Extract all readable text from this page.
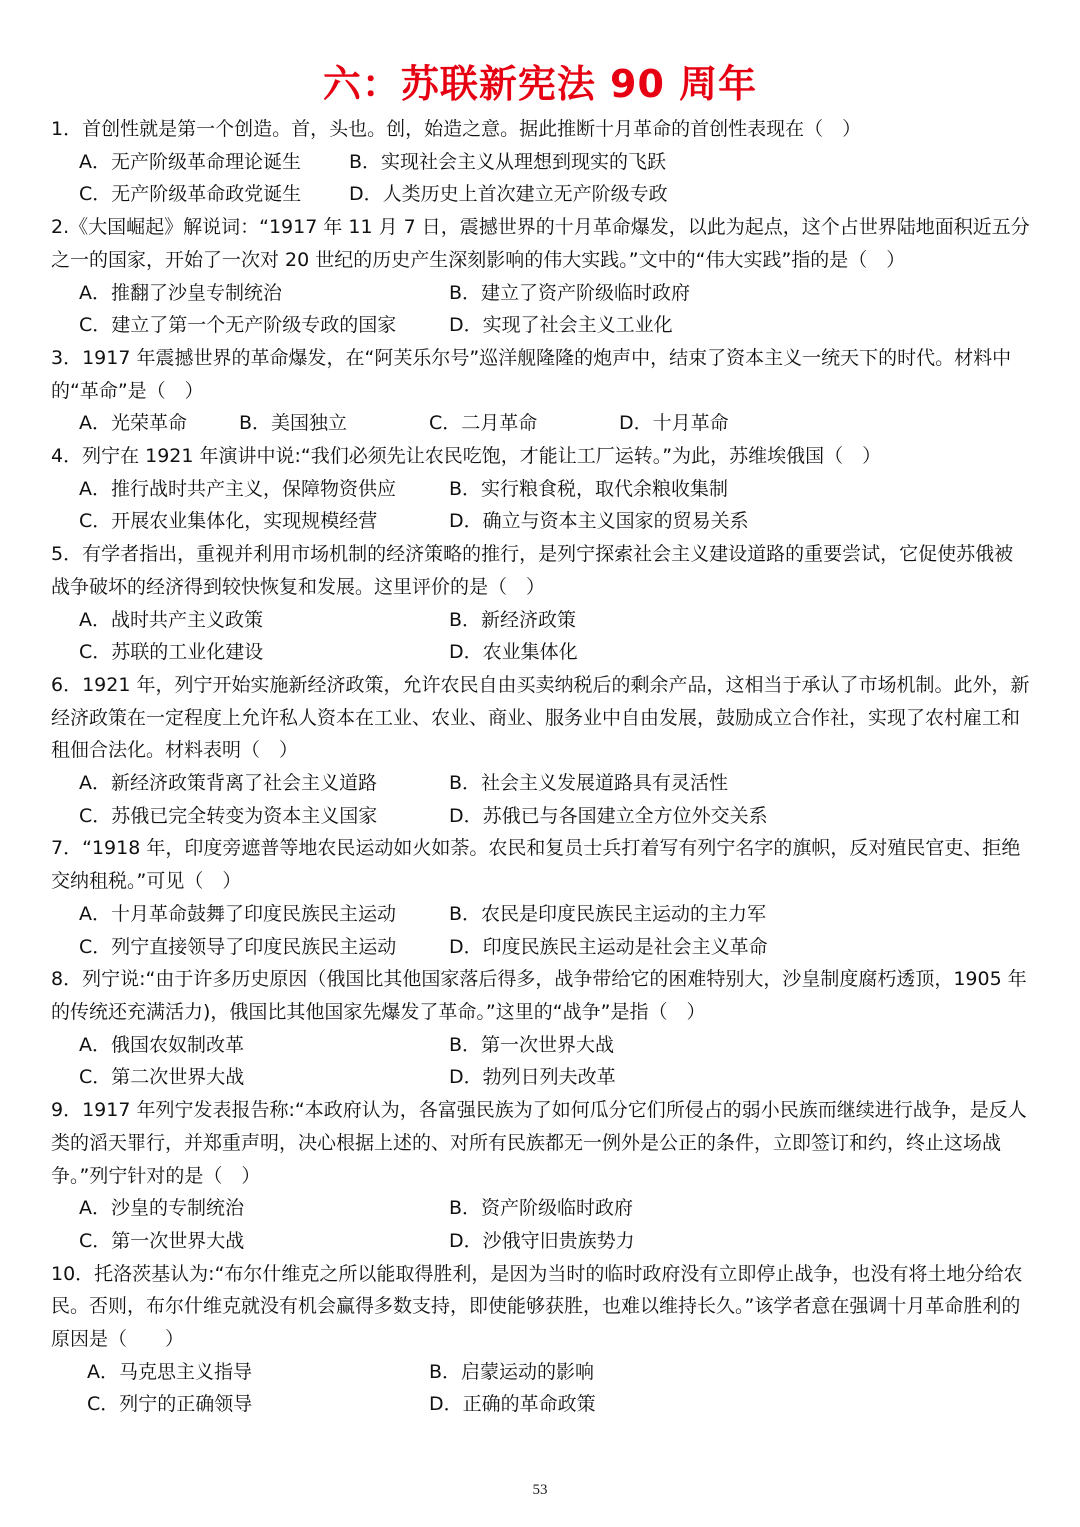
六：苏联新宪法 90 周年

1．首创性就是第一个创造。首，头也。创，始造之意。据此推断十月革命的首创性表现在（　）

A．无产阶级革命理论诞生	B．实现社会主义从理想到现实的飞跃
C．无产阶级革命政党诞生	D．人类历史上首次建立无产阶级专政

2.《大国崛起》解说词：“1917 年 11 月 7 日，震撼世界的十月革命爆发，以此为起点，这个占世界陆地面积近五分之一的国家，开始了一次对 20 世纪的历史产生深刻影响的伟大实践。”文中的“伟大实践”指的是（　）

A．推翻了沙皇专制统治	B．建立了资产阶级临时政府
C．建立了第一个无产阶级专政的国家	D．实现了社会主义工业化

3．1917 年震撼世界的革命爆发，在“阿芙乐尔号”巡洋舰隆隆的炮声中，结束了资本主义一统天下的时代。材料中的“革命”是（　）

A．光荣革命	B．美国独立	C．二月革命	D．十月革命

4．列宁在 1921 年演讲中说:“我们必须先让农民吃饱，才能让工厂运转。”为此，苏维埃俄国（　）

A．推行战时共产主义，保障物资供应	B．实行粮食税，取代余粮收集制
C．开展农业集体化，实现规模经营	D．确立与资本主义国家的贸易关系

5．有学者指出，重视并利用市场机制的经济策略的推行，是列宁探索社会主义建设道路的重要尝试，它促使苏俄被战争破坏的经济得到较快恢复和发展。这里评价的是（　）

A．战时共产主义政策	B．新经济政策
C．苏联的工业化建设	D．农业集体化

6．1921 年，列宁开始实施新经济政策，允许农民自由买卖纳税后的剩余产品，这相当于承认了市场机制。此外，新经济政策在一定程度上允许私人资本在工业、农业、商业、服务业中自由发展，鼓励成立合作社，实现了农村雇工和租佃合法化。材料表明（　）

A．新经济政策背离了社会主义道路	B．社会主义发展道路具有灵活性
C．苏俄已完全转变为资本主义国家	D．苏俄已与各国建立全方位外交关系

7．“1918 年，印度旁遮普等地农民运动如火如荼。农民和复员士兵打着写有列宁名字的旗帜，反对殖民官吏、拒绝交纳租税。”可见（　）

A．十月革命鼓舞了印度民族民主运动	B．农民是印度民族民主运动的主力军
C．列宁直接领导了印度民族民主运动	D．印度民族民主运动是社会主义革命

8．列宁说:“由于许多历史原因（俄国比其他国家落后得多，战争带给它的困难特别大，沙皇制度腐朽透顶，1905 年的传统还充满活力)，俄国比其他国家先爆发了革命。”这里的“战争”是指（　）

A．俄国农奴制改革	B．第一次世界大战
C．第二次世界大战	D．勃列日列夫改革

9．1917 年列宁发表报告称:“本政府认为，各富强民族为了如何瓜分它们所侵占的弱小民族而继续进行战争，是反人类的滔天罪行，并郑重声明，决心根据上述的、对所有民族都无一例外是公正的条件，立即签订和约，终止这场战争。”列宁针对的是（　）

A．沙皇的专制统治	B．资产阶级临时政府
C．第一次世界大战	D．沙俄守旧贵族势力

10．托洛茨基认为:“布尔什维克之所以能取得胜利，是因为当时的临时政府没有立即停止战争，也没有将土地分给农民。否则，布尔什维克就没有机会赢得多数支持，即使能够获胜，也难以维持长久。”该学者意在强调十月革命胜利的原因是（　　）

A．马克思主义指导	B．启蒙运动的影响
C．列宁的正确领导	D．正确的革命政策
53
